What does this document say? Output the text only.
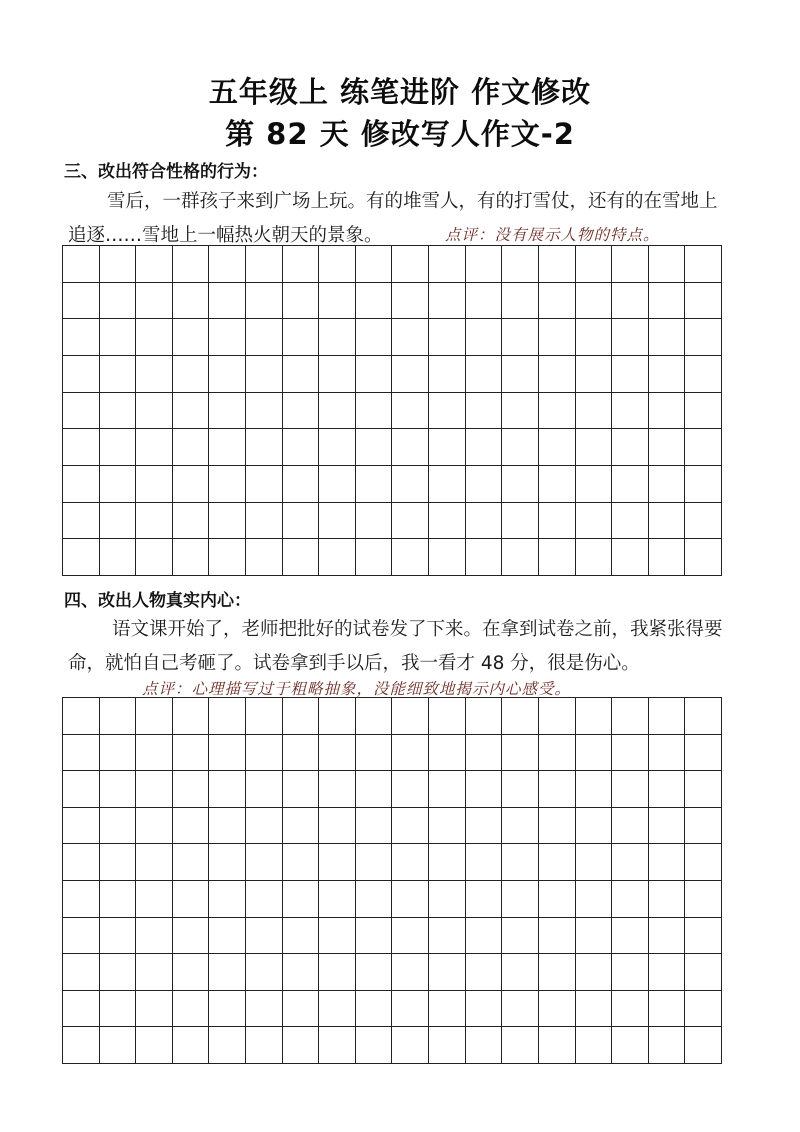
五年级上 练笔进阶 作文修改
第 82 天 修改写人作文-2
三、改出符合性格的行为：
雪后，一群孩子来到广场上玩。有的堆雪人，有的打雪仗，还有的在雪地上
追逐……雪地上一幅热火朝天的景象。	点评：没有展示人物的特点。
四、改出人物真实内心：
语文课开始了，老师把批好的试卷发了下来。在拿到试卷之前，我紧张得要
命，就怕自己考砸了。试卷拿到手以后，我一看才 48 分，很是伤心。
点评：心理描写过于粗略抽象，没能细致地揭示内心感受。
